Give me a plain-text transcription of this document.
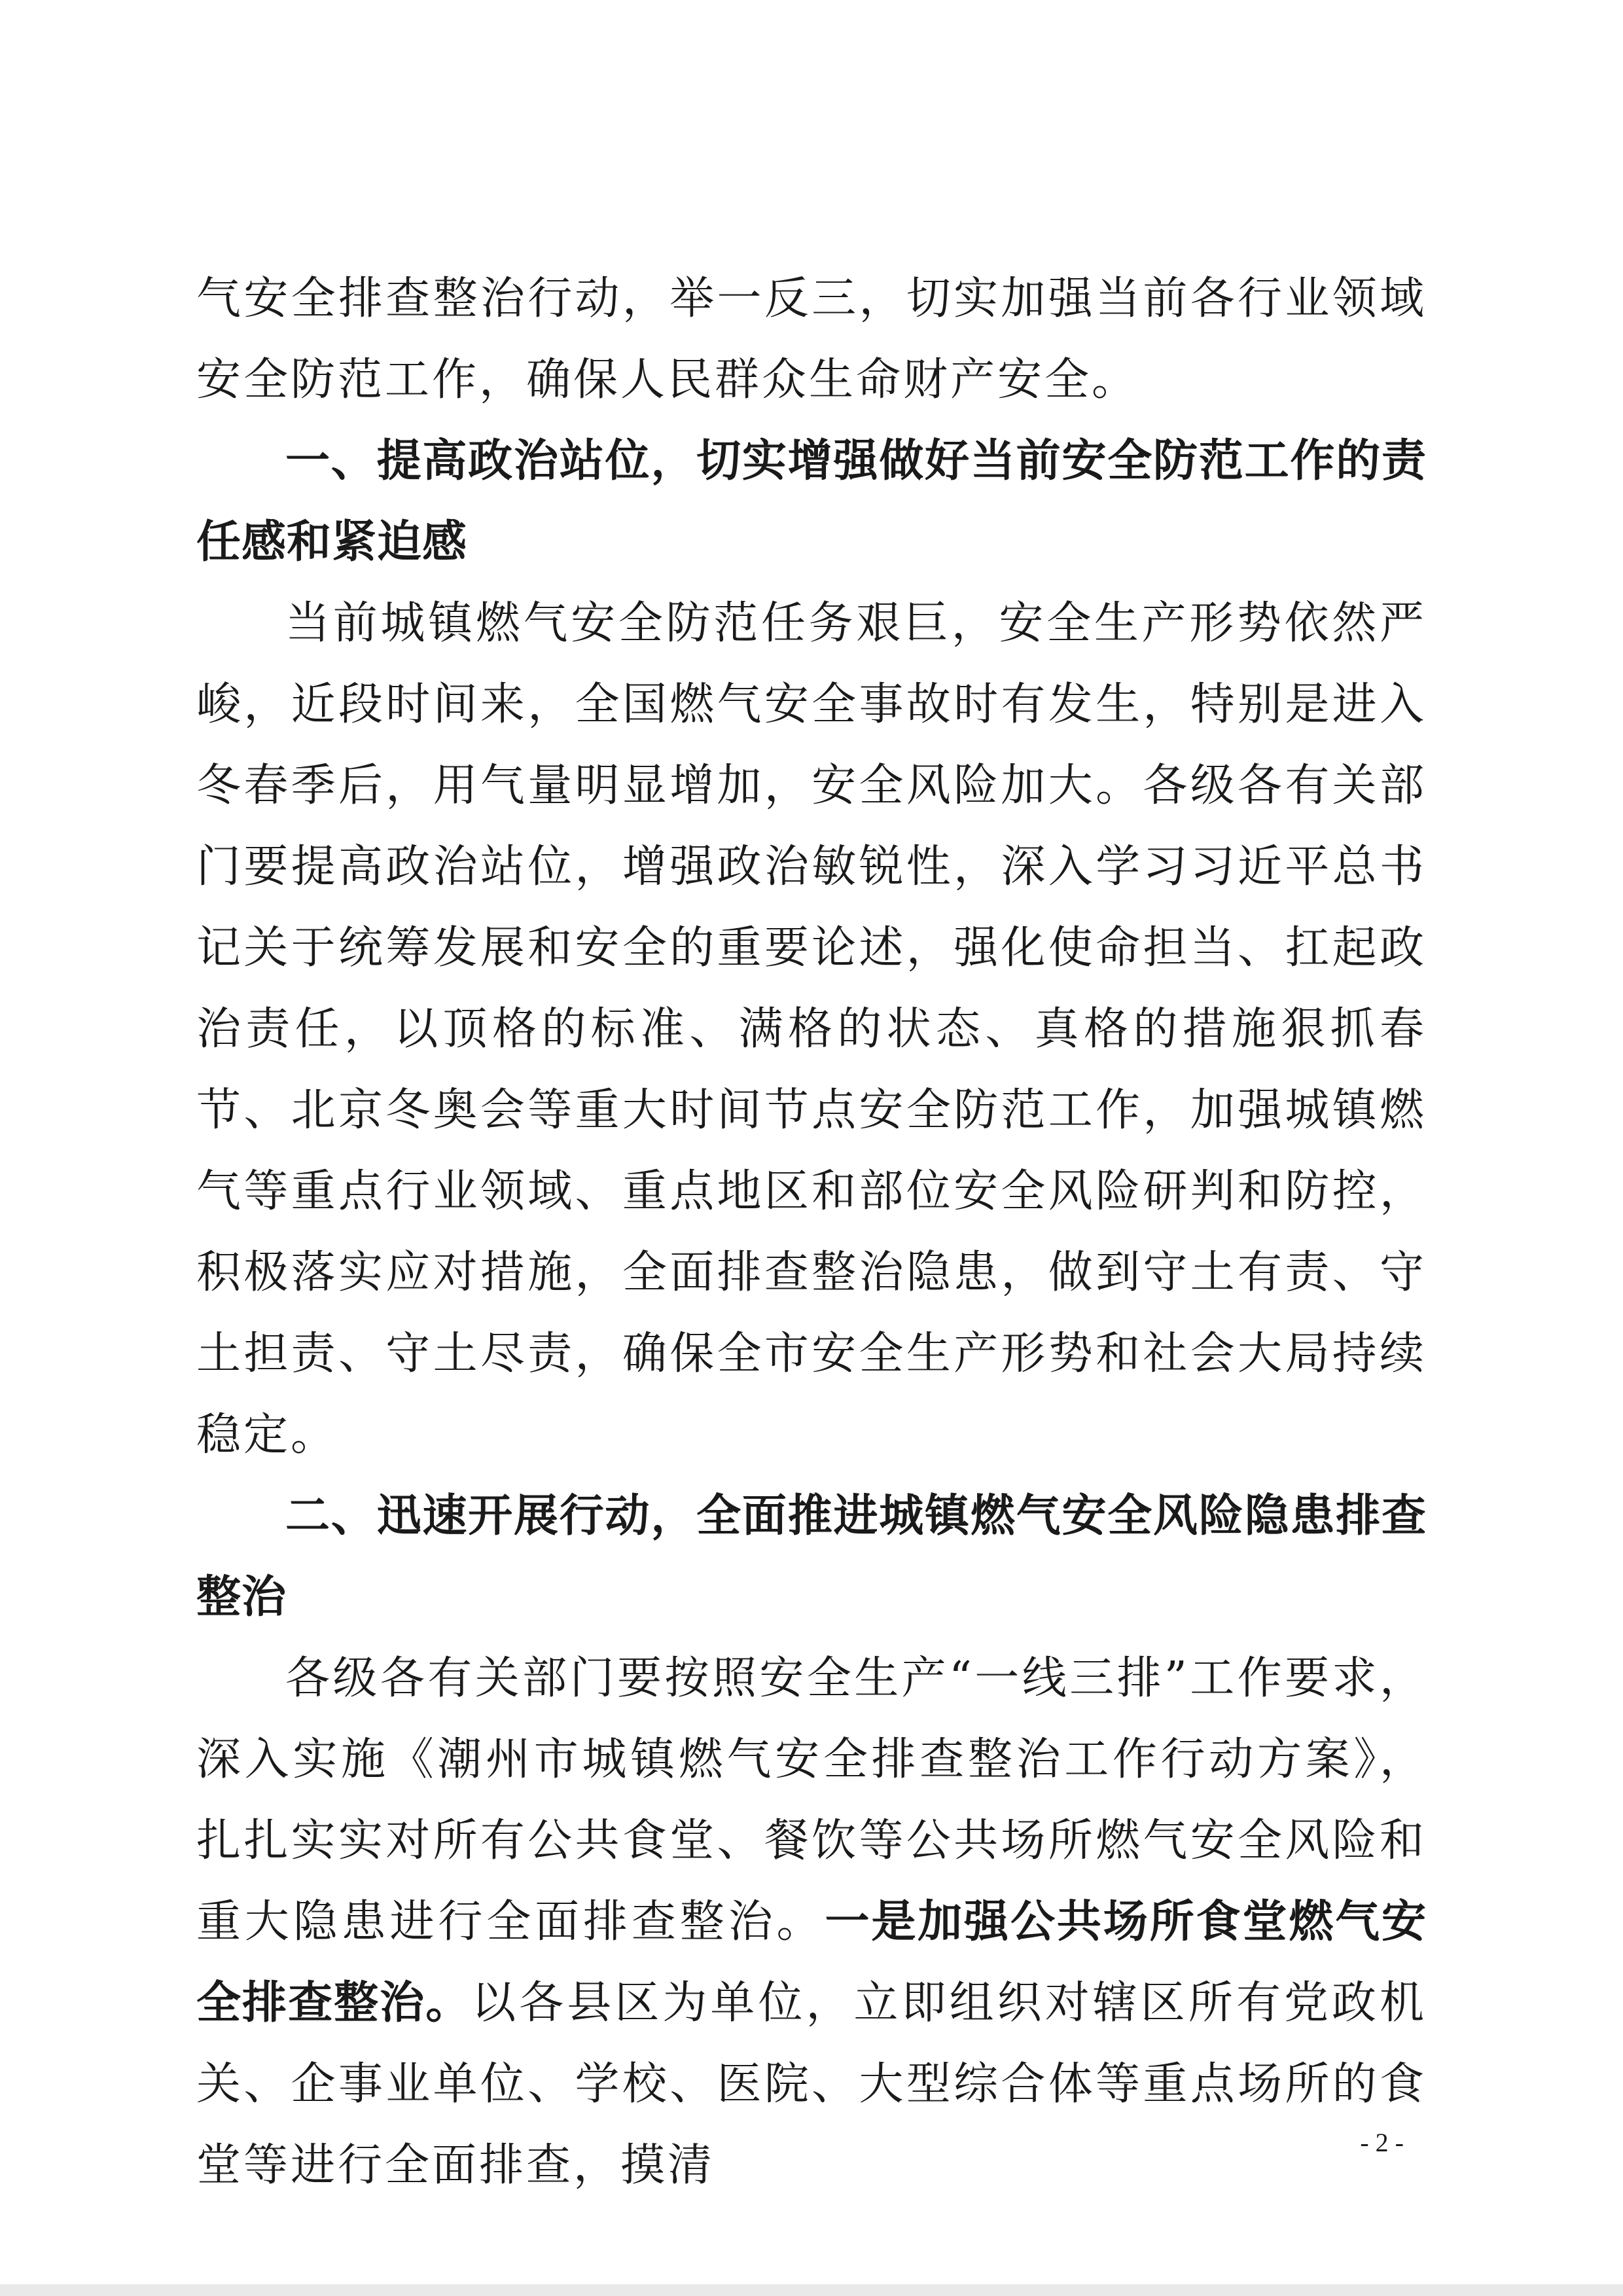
气安全排查整治行动，举一反三，切实加强当前各行业领域安全防范工作，确保人民群众生命财产安全。

一、提高政治站位，切实增强做好当前安全防范工作的责任感和紧迫感

当前城镇燃气安全防范任务艰巨，安全生产形势依然严峻，近段时间来，全国燃气安全事故时有发生，特别是进入冬春季后，用气量明显增加，安全风险加大。各级各有关部门要提高政治站位，增强政治敏锐性，深入学习习近平总书记关于统筹发展和安全的重要论述，强化使命担当、扛起政治责任，以顶格的标准、满格的状态、真格的措施狠抓春节、北京冬奥会等重大时间节点安全防范工作，加强城镇燃气等重点行业领域、重点地区和部位安全风险研判和防控，积极落实应对措施，全面排查整治隐患，做到守土有责、守土担责、守土尽责，确保全市安全生产形势和社会大局持续稳定。

二、迅速开展行动，全面推进城镇燃气安全风险隐患排查整治

各级各有关部门要按照安全生产“一线三排”工作要求，深入实施《潮州市城镇燃气安全排查整治工作行动方案》，扎扎实实对所有公共食堂、餐饮等公共场所燃气安全风险和重大隐患进行全面排查整治。一是加强公共场所食堂燃气安全排查整治。以各县区为单位，立即组织对辖区所有党政机关、企事业单位、学校、医院、大型综合体等重点场所的食堂等进行全面排查，摸清	- 2 -
